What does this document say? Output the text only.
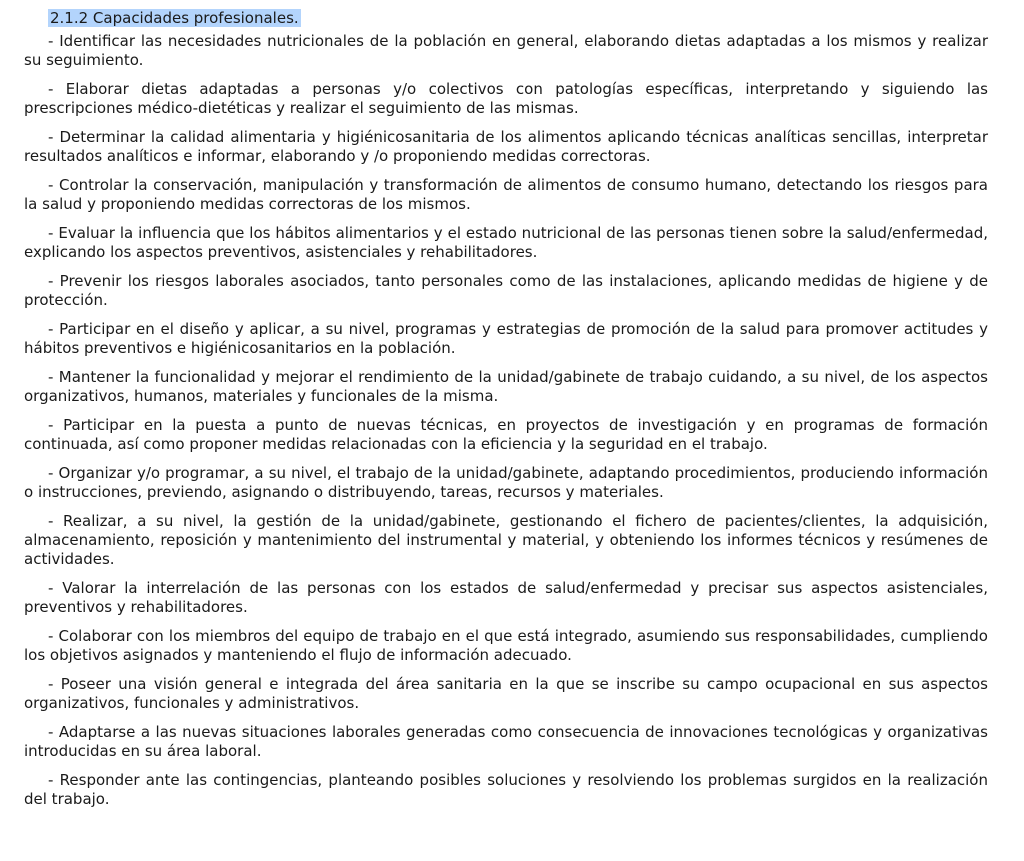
2.1.2 Capacidades profesionales.

- Identificar las necesidades nutricionales de la población en general, elaborando dietas adaptadas a los mismos y realizar su seguimiento.

- Elaborar dietas adaptadas a personas y/o colectivos con patologías específicas, interpretando y siguiendo las prescripciones médico-dietéticas y realizar el seguimiento de las mismas.

- Determinar la calidad alimentaria y higiénicosanitaria de los alimentos aplicando técnicas analíticas sencillas, interpretar resultados analíticos e informar, elaborando y /o proponiendo medidas correctoras.

- Controlar la conservación, manipulación y transformación de alimentos de consumo humano, detectando los riesgos para la salud y proponiendo medidas correctoras de los mismos.

- Evaluar la influencia que los hábitos alimentarios y el estado nutricional de las personas tienen sobre la salud/enfermedad, explicando los aspectos preventivos, asistenciales y rehabilitadores.

- Prevenir los riesgos laborales asociados, tanto personales como de las instalaciones, aplicando medidas de higiene y de protección.

- Participar en el diseño y aplicar, a su nivel, programas y estrategias de promoción de la salud para promover actitudes y hábitos preventivos e higiénicosanitarios en la población.

- Mantener la funcionalidad y mejorar el rendimiento de la unidad/gabinete de trabajo cuidando, a su nivel, de los aspectos organizativos, humanos, materiales y funcionales de la misma.

- Participar en la puesta a punto de nuevas técnicas, en proyectos de investigación y en programas de formación continuada, así como proponer medidas relacionadas con la eficiencia y la seguridad en el trabajo.

- Organizar y/o programar, a su nivel, el trabajo de la unidad/gabinete, adaptando procedimientos, produciendo información o instrucciones, previendo, asignando o distribuyendo, tareas, recursos y materiales.

- Realizar, a su nivel, la gestión de la unidad/gabinete, gestionando el fichero de pacientes/clientes, la adquisición, almacenamiento, reposición y mantenimiento del instrumental y material, y obteniendo los informes técnicos y resúmenes de actividades.

- Valorar la interrelación de las personas con los estados de salud/enfermedad y precisar sus aspectos asistenciales, preventivos y rehabilitadores.

- Colaborar con los miembros del equipo de trabajo en el que está integrado, asumiendo sus responsabilidades, cumpliendo los objetivos asignados y manteniendo el flujo de información adecuado.

- Poseer una visión general e integrada del área sanitaria en la que se inscribe su campo ocupacional en sus aspectos organizativos, funcionales y administrativos.

- Adaptarse a las nuevas situaciones laborales generadas como consecuencia de innovaciones tecnológicas y organizativas introducidas en su área laboral.

- Responder ante las contingencias, planteando posibles soluciones y resolviendo los problemas surgidos en la realización del trabajo.
